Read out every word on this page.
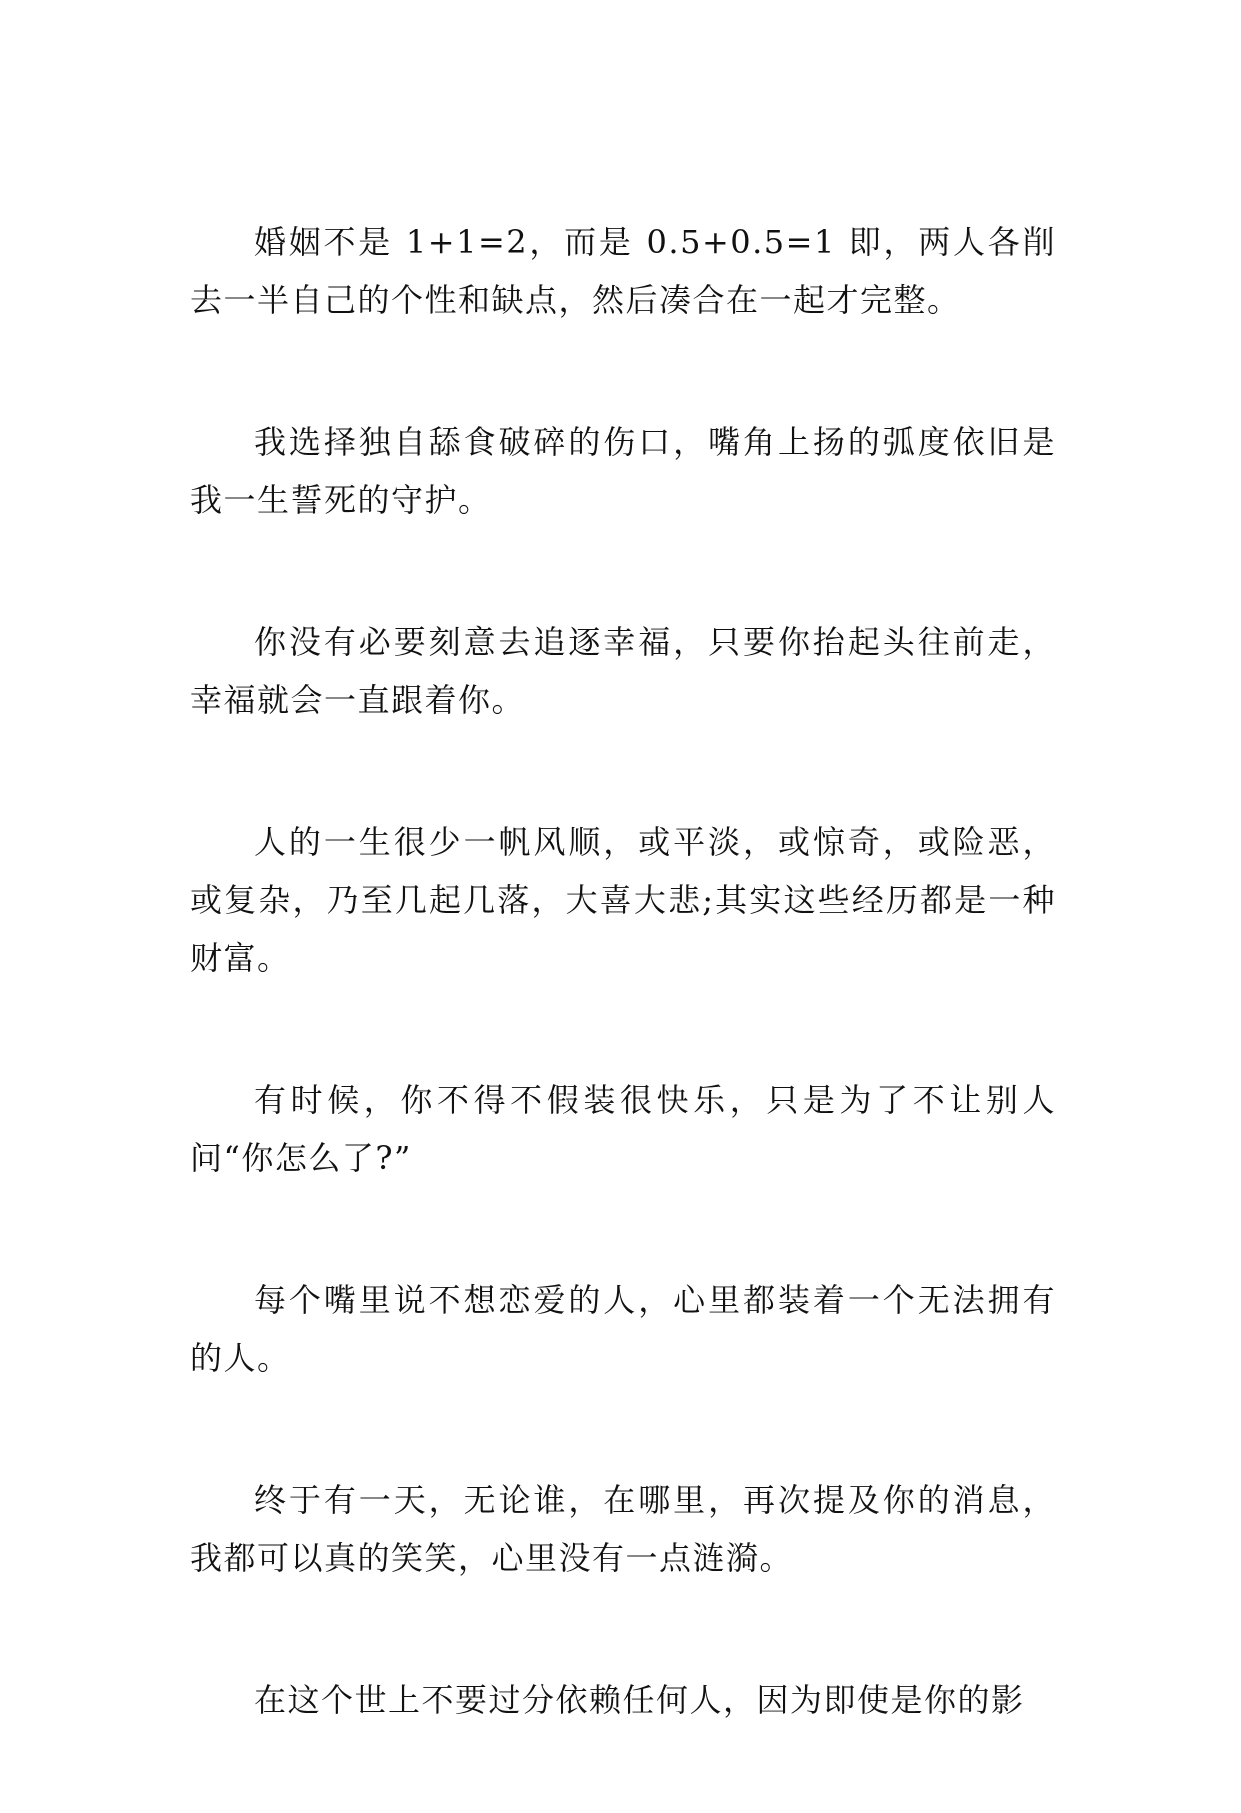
婚姻不是 1+1=2，而是 0.5+0.5=1 即，两人各削去一半自己的个性和缺点，然后凑合在一起才完整。

我选择独自舔食破碎的伤口，嘴角上扬的弧度依旧是我一生誓死的守护。

你没有必要刻意去追逐幸福，只要你抬起头往前走，幸福就会一直跟着你。

人的一生很少一帆风顺，或平淡，或惊奇，或险恶，或复杂，乃至几起几落，大喜大悲;其实这些经历都是一种财富。

有时候，你不得不假装很快乐，只是为了不让别人问“你怎么了?”

每个嘴里说不想恋爱的人，心里都装着一个无法拥有的人。

终于有一天，无论谁，在哪里，再次提及你的消息，我都可以真的笑笑，心里没有一点涟漪。

在这个世上不要过分依赖任何人，因为即使是你的影
